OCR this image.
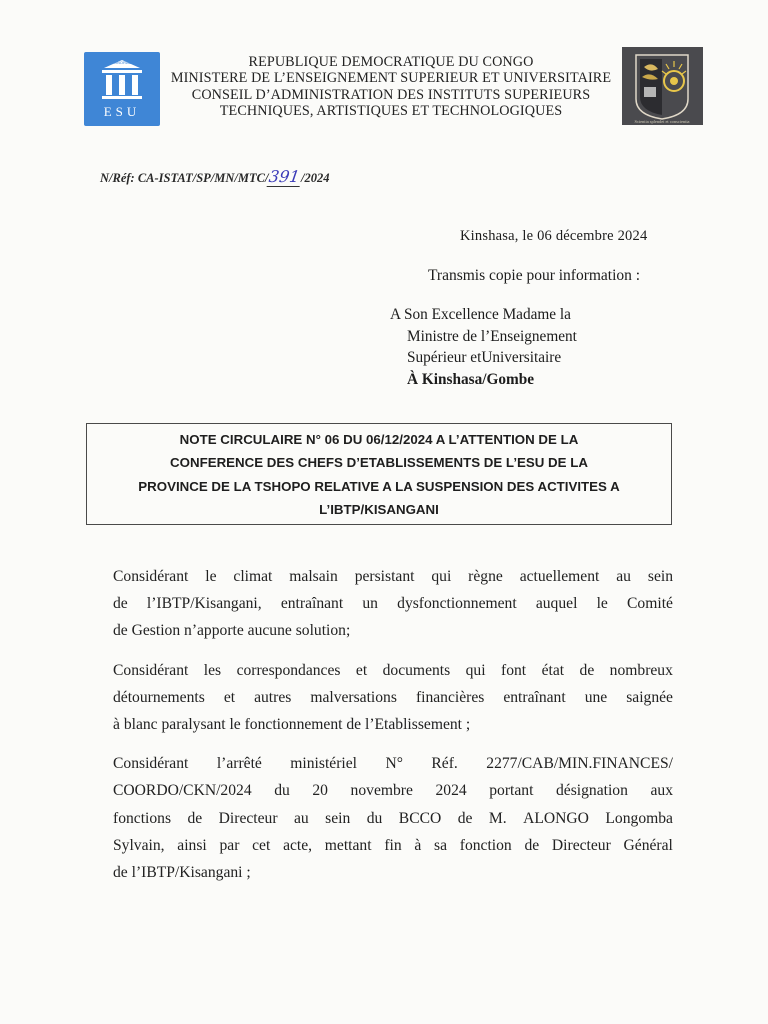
IGNORAS
ESU
REPUBLIQUE DEMOCRATIQUE DU CONGO
MINISTERE DE L’ENSEIGNEMENT SUPERIEUR ET UNIVERSITAIRE
CONSEIL D’ADMINISTRATION DES INSTITUTS SUPERIEURS
TECHNIQUES, ARTISTIQUES ET TECHNOLOGIQUES
Scientia splendet et conscientia
N/Réf: CA-ISTAT/SP/MN/MTC/391/2024
Kinshasa, le 06 décembre 2024
Transmis copie pour information :
A Son Excellence Madame la
Ministre de l’Enseignement
Supérieur etUniversitaire
À Kinshasa/Gombe
NOTE CIRCULAIRE N° 06 DU 06/12/2024 A L’ATTENTION DE LA
CONFERENCE DES CHEFS D’ETABLISSEMENTS DE L’ESU DE LA
PROVINCE DE LA TSHOPO RELATIVE A LA SUSPENSION DES ACTIVITES A
L’IBTP/KISANGANI
Considérant le climat malsain persistant qui règne actuellement au sein
de l’IBTP/Kisangani, entraînant un dysfonctionnement auquel le Comité
de Gestion n’apporte aucune solution;
Considérant les correspondances et documents qui font état de nombreux
détournements et autres malversations financières entraînant une saignée
à blanc paralysant le fonctionnement de l’Etablissement ;
Considérant l’arrêté ministériel N° Réf. 2277/CAB/MIN.FINANCES/
COORDO/CKN/2024 du 20 novembre 2024 portant désignation aux
fonctions de Directeur au sein du BCCO de M. ALONGO Longomba
Sylvain, ainsi par cet acte, mettant fin à sa fonction de Directeur Général
de l’IBTP/Kisangani ;
